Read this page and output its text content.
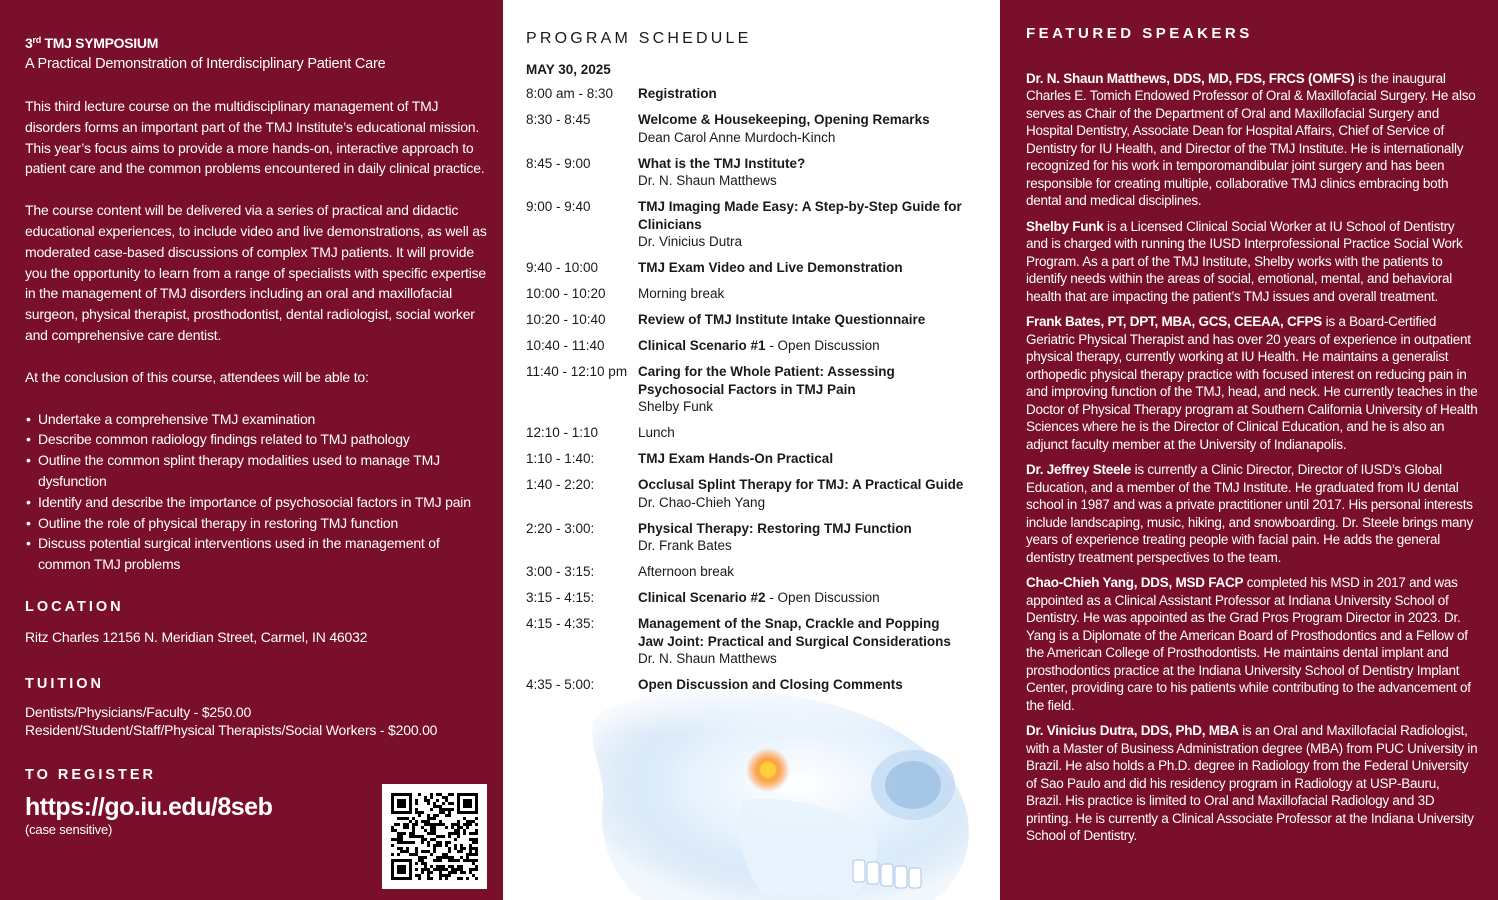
3rd TMJ SYMPOSIUM
A Practical Demonstration of Interdisciplinary Patient Care

This third lecture course on the multidisciplinary management of TMJ disorders forms an important part of the TMJ Institute’s educational mission. This year’s focus aims to provide a more hands-on, interactive approach to patient care and the common problems encountered in daily clinical practice.

The course content will be delivered via a series of practical and didactic educational experiences, to include video and live demonstrations, as well as moderated case-based discussions of complex TMJ patients. It will provide you the opportunity to learn from a range of specialists with specific expertise in the management of TMJ disorders including an oral and maxillofacial surgeon, physical therapist, prosthodontist, dental radiologist, social worker and comprehensive care dentist.

At the conclusion of this course, attendees will be able to:

• Undertake a comprehensive TMJ examination
• Describe common radiology findings related to TMJ pathology
• Outline the common splint therapy modalities used to manage TMJ dysfunction
• Identify and describe the importance of psychosocial factors in TMJ pain
• Outline the role of physical therapy in restoring TMJ function
• Discuss potential surgical interventions used in the management of common TMJ problems
LOCATION
Ritz Charles 12156 N. Meridian Street, Carmel, IN 46032
TUITION
Dentists/Physicians/Faculty - $250.00
Resident/Student/Staff/Physical Therapists/Social Workers - $200.00
TO REGISTER
https://go.iu.edu/8seb
(case sensitive)
PROGRAM SCHEDULE
MAY 30, 2025
8:00 am - 8:30	Registration
8:30 - 8:45	Welcome & Housekeeping, Opening Remarks
Dean Carol Anne Murdoch-Kinch
8:45 - 9:00	What is the TMJ Institute?
Dr. N. Shaun Matthews
9:00 - 9:40	TMJ Imaging Made Easy: A Step-by-Step Guide for Clinicians
Dr. Vinicius Dutra
9:40 - 10:00	TMJ Exam Video and Live Demonstration
10:00 - 10:20	Morning break
10:20 - 10:40	Review of TMJ Institute Intake Questionnaire
10:40 - 11:40	Clinical Scenario #1 - Open Discussion
11:40 - 12:10 pm Caring for the Whole Patient: Assessing Psychosocial Factors in TMJ Pain
Shelby Funk
12:10 - 1:10	Lunch
1:10 - 1:40:	TMJ Exam Hands-On Practical
1:40 - 2:20:	Occlusal Splint Therapy for TMJ: A Practical Guide
Dr. Chao-Chieh Yang
2:20 - 3:00:	Physical Therapy: Restoring TMJ Function
Dr. Frank Bates
3:00 - 3:15:	Afternoon break
3:15 - 4:15:	Clinical Scenario #2 - Open Discussion
4:15 - 4:35:	Management of the Snap, Crackle and Popping Jaw Joint: Practical and Surgical Considerations
Dr. N. Shaun Matthews
4:35 - 5:00:	Open Discussion and Closing Comments
FEATURED SPEAKERS

Dr. N. Shaun Matthews, DDS, MD, FDS, FRCS (OMFS) is the inaugural Charles E. Tomich Endowed Professor of Oral & Maxillofacial Surgery. He also serves as Chair of the Department of Oral and Maxillofacial Surgery and Hospital Dentistry, Associate Dean for Hospital Affairs, Chief of Service of Dentistry for IU Health, and Director of the TMJ Institute. He is internationally recognized for his work in temporomandibular joint surgery and has been responsible for creating multiple, collaborative TMJ clinics embracing both dental and medical disciplines.

Shelby Funk is a Licensed Clinical Social Worker at IU School of Dentistry and is charged with running the IUSD Interprofessional Practice Social Work Program. As a part of the TMJ Institute, Shelby works with the patients to identify needs within the areas of social, emotional, mental, and behavioral health that are impacting the patient’s TMJ issues and overall treatment.

Frank Bates, PT, DPT, MBA, GCS, CEEAA, CFPS is a Board-Certified Geriatric Physical Therapist and has over 20 years of experience in outpatient physical therapy, currently working at IU Health. He maintains a generalist orthopedic physical therapy practice with focused interest on reducing pain in and improving function of the TMJ, head, and neck. He currently teaches in the Doctor of Physical Therapy program at Southern California University of Health Sciences where he is the Director of Clinical Education, and he is also an adjunct faculty member at the University of Indianapolis.

Dr. Jeffrey Steele is currently a Clinic Director, Director of IUSD’s Global Education, and a member of the TMJ Institute. He graduated from IU dental school in 1987 and was a private practitioner until 2017. His personal interests include landscaping, music, hiking, and snowboarding. Dr. Steele brings many years of experience treating people with facial pain. He adds the general dentistry treatment perspectives to the team.

Chao-Chieh Yang, DDS, MSD FACP completed his MSD in 2017 and was appointed as a Clinical Assistant Professor at Indiana University School of Dentistry. He was appointed as the Grad Pros Program Director in 2023. Dr. Yang is a Diplomate of the American Board of Prosthodontics and a Fellow of the American College of Prosthodontists. He maintains dental implant and prosthodontics practice at the Indiana University School of Dentistry Implant Center, providing care to his patients while contributing to the advancement of the field.

Dr. Vinicius Dutra, DDS, PhD, MBA is an Oral and Maxillofacial Radiologist, with a Master of Business Administration degree (MBA) from PUC University in Brazil. He also holds a Ph.D. degree in Radiology from the Federal University of Sao Paulo and did his residency program in Radiology at USP-Bauru, Brazil. His practice is limited to Oral and Maxillofacial Radiology and 3D printing. He is currently a Clinical Associate Professor at the Indiana University School of Dentistry.
